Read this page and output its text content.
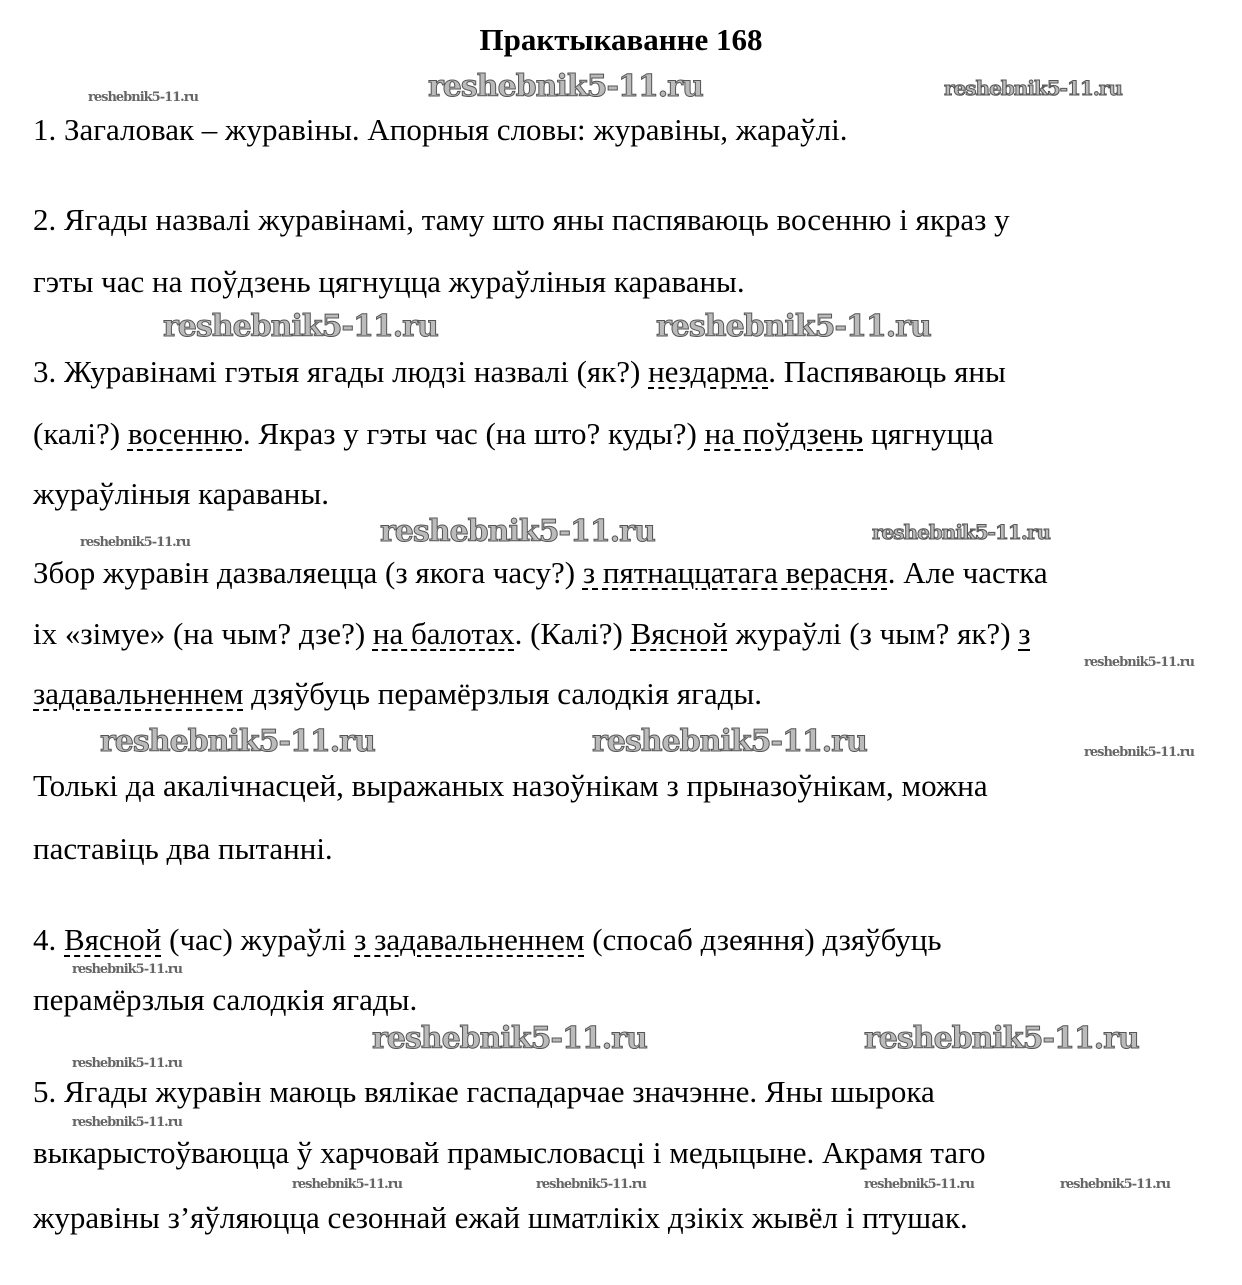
Практыкаванне 168
1. Загаловак – журавіны. Апорныя словы: журавіны, жараўлі.
2. Ягады назвалі журавінамі, таму што яны паспяваюць восенню і якраз у
гэты час на поўдзень цягнуцца жураўліныя караваны.
3. Журавінамі гэтыя ягады людзі назвалі (як?) нездарма. Паспяваюць яны
(калі?) восенню. Якраз у гэты час (на што? куды?) на поўдзень цягнуцца
жураўліныя караваны.
Збор журавін дазваляецца (з якога часу?) з пятнаццатага верасня. Але частка
іх «зімуе» (на чым? дзе?) на балотах. (Калі?) Вясной жураўлі (з чым? як?) з
задавальненнем дзяўбуць перамёрзлыя салодкія ягады.
Толькі да акалічнасцей, выражаных назоўнікам з прыназоўнікам, можна
паставіць два пытанні.
4. Вясной (час) жураўлі з задавальненнем (спосаб дзеяння) дзяўбуць
перамёрзлыя салодкія ягады.
5. Ягады журавін маюць вялікае гаспадарчае значэнне. Яны шырока
выкарыстоўваюцца ў харчовай прамысловасці і медыцыне. Акрамя таго
журавіны з’яўляюцца сезоннай ежай шматлікіх дзікіх жывёл і птушак.
reshebnik5-11.ru	reshebnik5-11.ru	reshebnik5-11.ru
reshebnik5-11.ru	reshebnik5-11.ru
reshebnik5-11.ru	reshebnik5-11.ru	reshebnik5-11.ru
reshebnik5-11.ru
reshebnik5-11.ru	reshebnik5-11.ru	reshebnik5-11.ru
reshebnik5-11.ru
reshebnik5-11.ru	reshebnik5-11.ru
reshebnik5-11.ru
reshebnik5-11.ru
reshebnik5-11.ru	reshebnik5-11.ru	reshebnik5-11.ru	reshebnik5-11.ru
